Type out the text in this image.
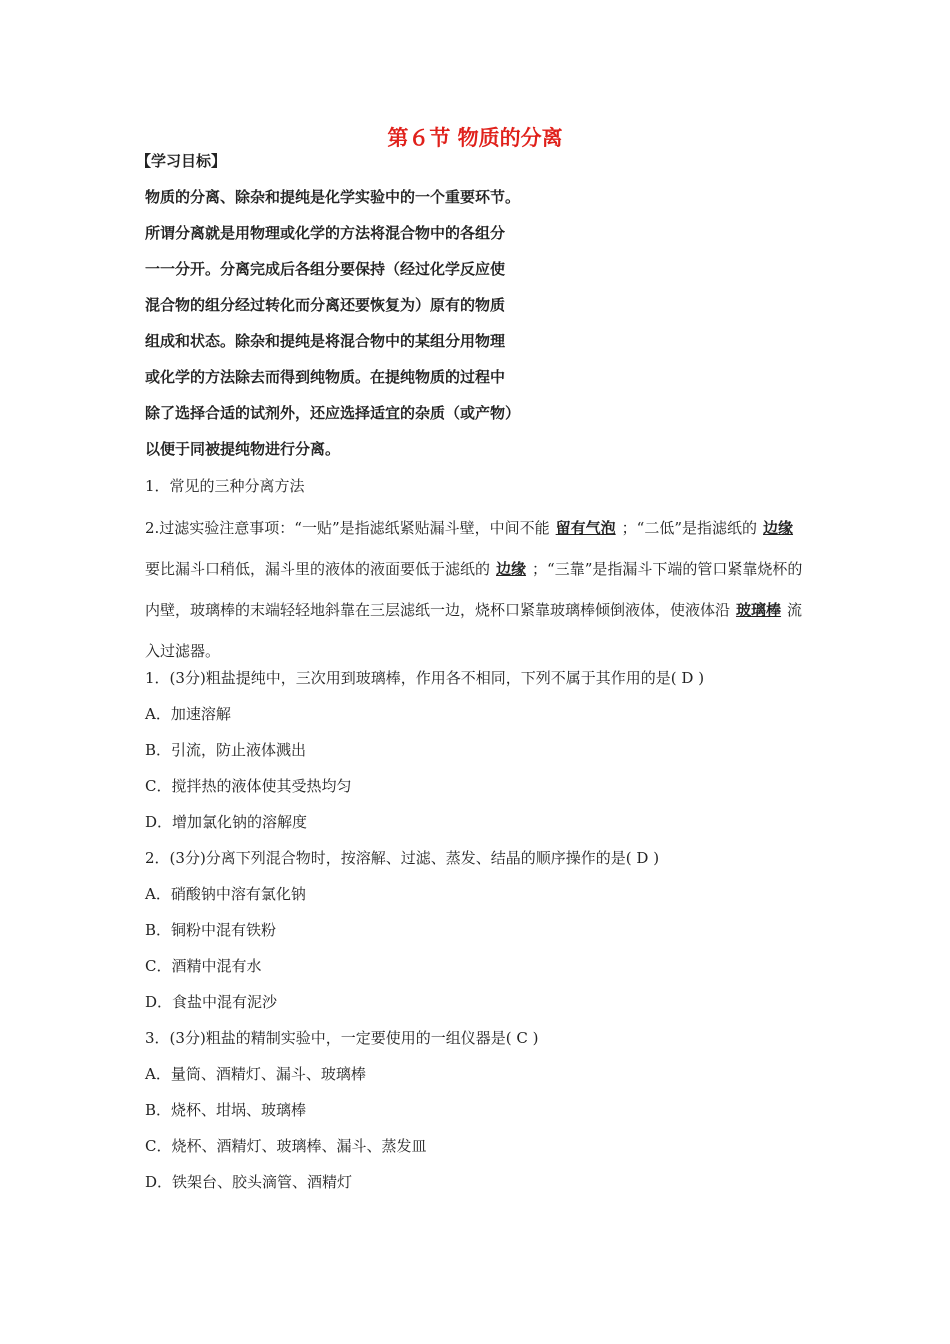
第６节 物质的分离
【学习目标】
物质的分离、除杂和提纯是化学实验中的一个重要环节。
所谓分离就是用物理或化学的方法将混合物中的各组分
一一分开。分离完成后各组分要保持（经过化学反应使
混合物的组分经过转化而分离还要恢复为）原有的物质
组成和状态。除杂和提纯是将混合物中的某组分用物理
或化学的方法除去而得到纯物质。在提纯物质的过程中
除了选择合适的试剂外，还应选择适宜的杂质（或产物）
以便于同被提纯物进行分离。
1．常见的三种分离方法
2.过滤实验注意事项：“一贴”是指滤纸紧贴漏斗壁，中间不能 留有气泡 ；“二低”是指滤纸的 边缘要比漏斗口稍低，漏斗里的液体的液面要低于滤纸的 边缘 ；“三靠”是指漏斗下端的管口紧靠烧杯的内壁，玻璃棒的末端轻轻地斜靠在三层滤纸一边，烧杯口紧靠玻璃棒倾倒液体，使液体沿 玻璃棒 流入过滤器。
1．(3分)粗盐提纯中，三次用到玻璃棒，作用各不相同，下列不属于其作用的是( D )
A．加速溶解
B．引流，防止液体溅出
C．搅拌热的液体使其受热均匀
D．增加氯化钠的溶解度
2．(3分)分离下列混合物时，按溶解、过滤、蒸发、结晶的顺序操作的是( D )
A．硝酸钠中溶有氯化钠
B．铜粉中混有铁粉
C．酒精中混有水
D．食盐中混有泥沙
3．(3分)粗盐的精制实验中，一定要使用的一组仪器是( C )
A．量筒、酒精灯、漏斗、玻璃棒
B．烧杯、坩埚、玻璃棒
C．烧杯、酒精灯、玻璃棒、漏斗、蒸发皿
D．铁架台、胶头滴管、酒精灯
